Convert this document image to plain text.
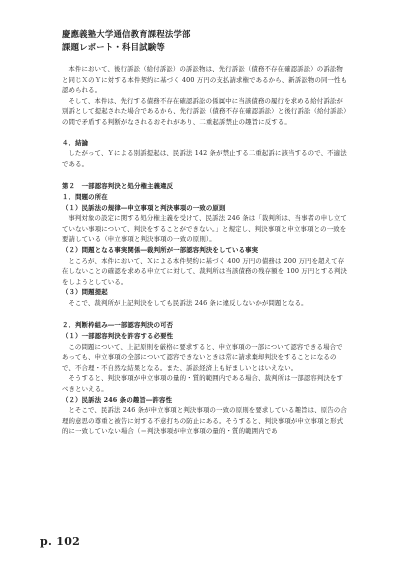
慶應義塾大学通信教育課程法学部
課題レポート・科目試験等

本件において、後行訴訟（給付訴訟）の訴訟物は、先行訴訟（債務不存在確認訴訟）の訴訟物と同じＸのＹに対する本件契約に基づく 400 万円の支払請求権であるから、新訴訟物の同一性も認められる。

そして、本件は、先行する債務不存在確認訴訟の係属中に当該債務の履行を求める給付訴訟が別訴として提起された場合であるから、先行訴訟（債務不存在確認訴訟）と後行訴訟（給付訴訟）の間で矛盾する判断がなされるおそれがあり、二重起訴禁止の趣旨に反する。

４．結論

したがって、Ｙによる別訴提起は、民訴法 142 条が禁止する二重起訴に該当するので、不適法である。

第２　一部認容判決と処分権主義違反

１．問題の所在

（１）民訴法の規律―申立事項と判決事項の一致の原則

事判対象の設定に関する処分権主義を受けて、民訴法 246 条は「裁判所は、当事者の申し立てていない事項について、判決をすることができない。」と規定し、判決事項と申立事項との一致を要請している（申立事項と判決事項の一致の原則）。

（２）問題となる事実関係―裁判所が一部認容判決をしている事実

ところが、本件において、Ｘによる本件契約に基づく 400 万円の債務は 200 万円を超えて存在しないことの確認を求める申立てに対して、裁判所は当該債務の残存額を 100 万円とする判決をしようとしている。

（３）問題提起

そこで、裁判所が上記判決をしても民訴法 246 条に違反しないかが問題となる。

２．判断枠組み―一部認容判決の可否

（１）一部認容判決を許容する必要性

この問題について、上記原則を厳格に要求すると、申立事項の一部について認容できる場合であっても、申立事項の全部について認容できないときは常に請求棄却判決をすることになるので、不合理・不自然な結果となる。また、訴訟経済上も好ましいとはいえない。

そうすると、判決事項が申立事項の量的・質的範囲内である場合、裁判所は一部認容判決をすべきといえる。

（２）民訴法 246 条の趣旨―許容性

とそこで、民訴法 246 条が申立事項と判決事項の一致の原則を要求している趣旨は、原告の合理的意思の尊重と被告に対する不意打ちの防止にある。そうすると、判決事項が申立事項と形式的に一致していない場合（＝判決事項が申立事項の量的・質的範囲内であ

p. 102
